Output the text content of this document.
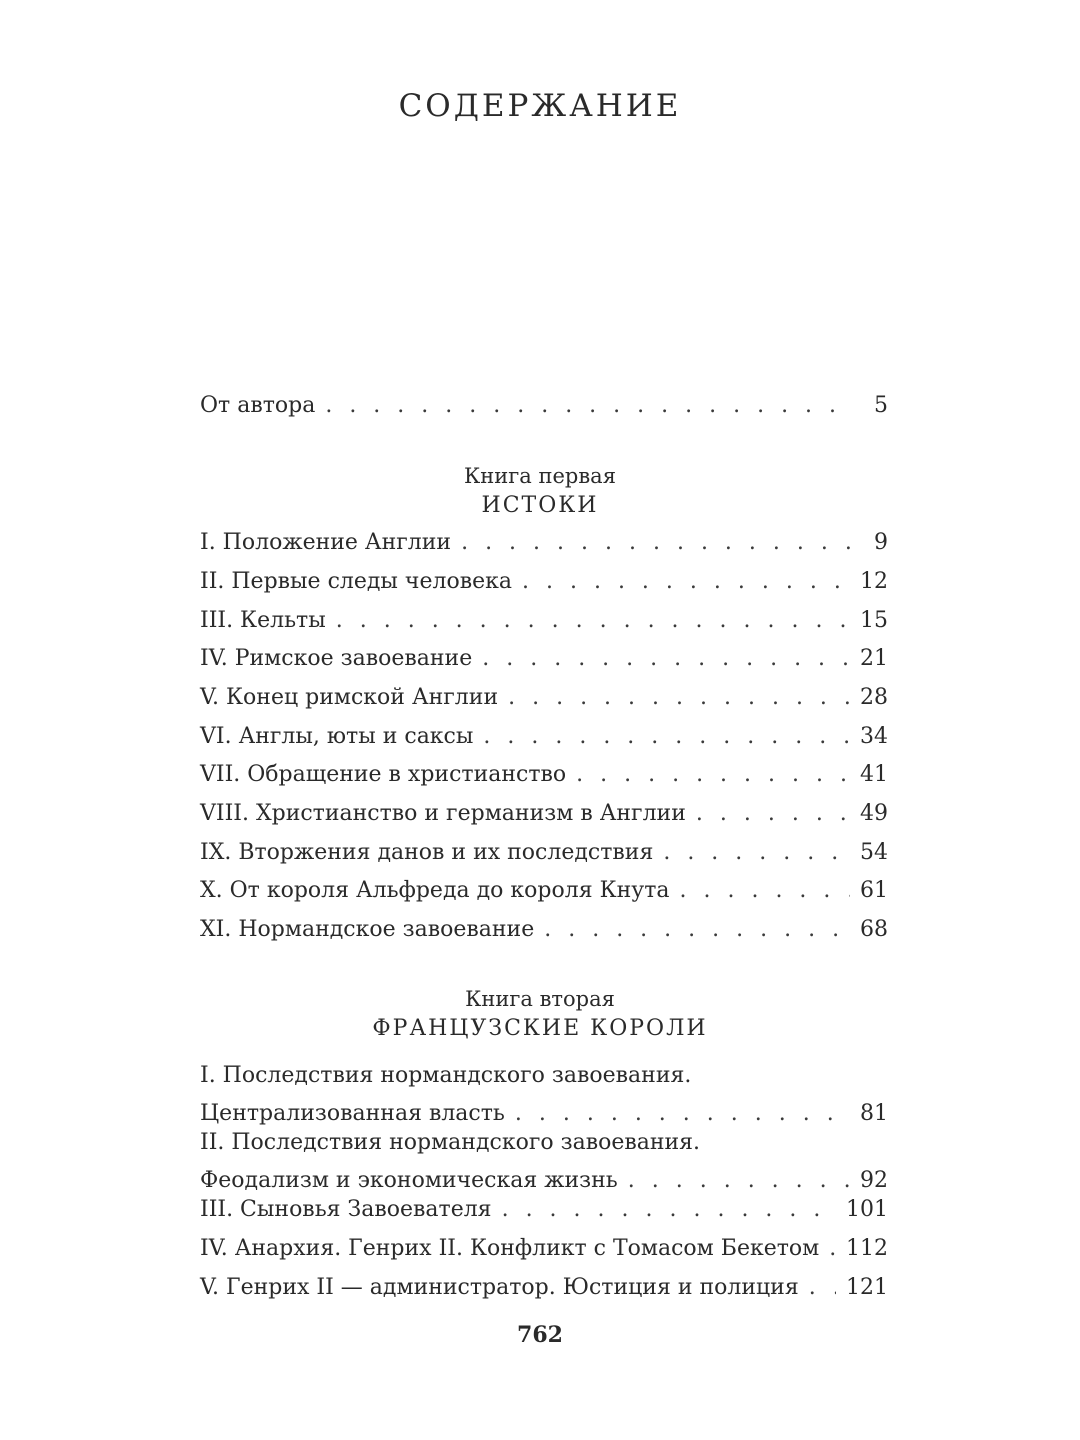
СОДЕРЖАНИЕ
От автора . . .	5
Книга первая
ИСТОКИ
I. Положение Англии . . .	9
II. Первые следы человека . . .	12
III. Кельты . . .	15
IV. Римское завоевание . . .	21
V. Конец римской Англии . . .	28
VI. Англы, юты и саксы . . .	34
VII. Обращение в христианство . . .	41
VIII. Христианство и германизм в Англии . . .	49
IX. Вторжения данов и их последствия . . .	54
X. От короля Альфреда до короля Кнута . . .	61
XI. Нормандское завоевание . . .	68
Книга вторая
ФРАНЦУЗСКИЕ КОРОЛИ
I. Последствия нормандского завоевания.
Централизованная власть . . .	81
II. Последствия нормандского завоевания.
Феодализм и экономическая жизнь . . .	92
III. Сыновья Завоевателя . . .	101
IV. Анархия. Генрих II. Конфликт с Томасом Бекетом . . . 112
V. Генрих II — администратор. Юстиция и полиция . . . 121
762
